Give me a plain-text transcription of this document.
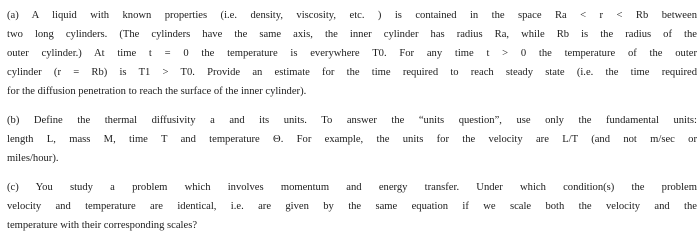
(a) A liquid with known properties (i.e. density, viscosity, etc. ) is contained in the space Ra < r < Rb between
two long cylinders. (The cylinders have the same axis, the inner cylinder has radius Ra, while Rb is the radius of the
outer cylinder.) At time t = 0 the temperature is everywhere T0. For any time t > 0 the temperature of the outer
cylinder (r = Rb) is T1 > T0. Provide an estimate for the time required to reach steady state (i.e. the time required
for the diffusion penetration to reach the surface of the inner cylinder).

(b) Define the thermal diffusivity a and its units. To answer the “units question”, use only the fundamental units:
length L, mass M, time T and temperature Θ. For example, the units for the velocity are L/T (and not m/sec or
miles/hour).

(c) You study a problem which involves momentum and energy transfer. Under which condition(s) the problem
velocity and temperature are identical, i.e. are given by the same equation if we scale both the velocity and the
temperature with their corresponding scales?
